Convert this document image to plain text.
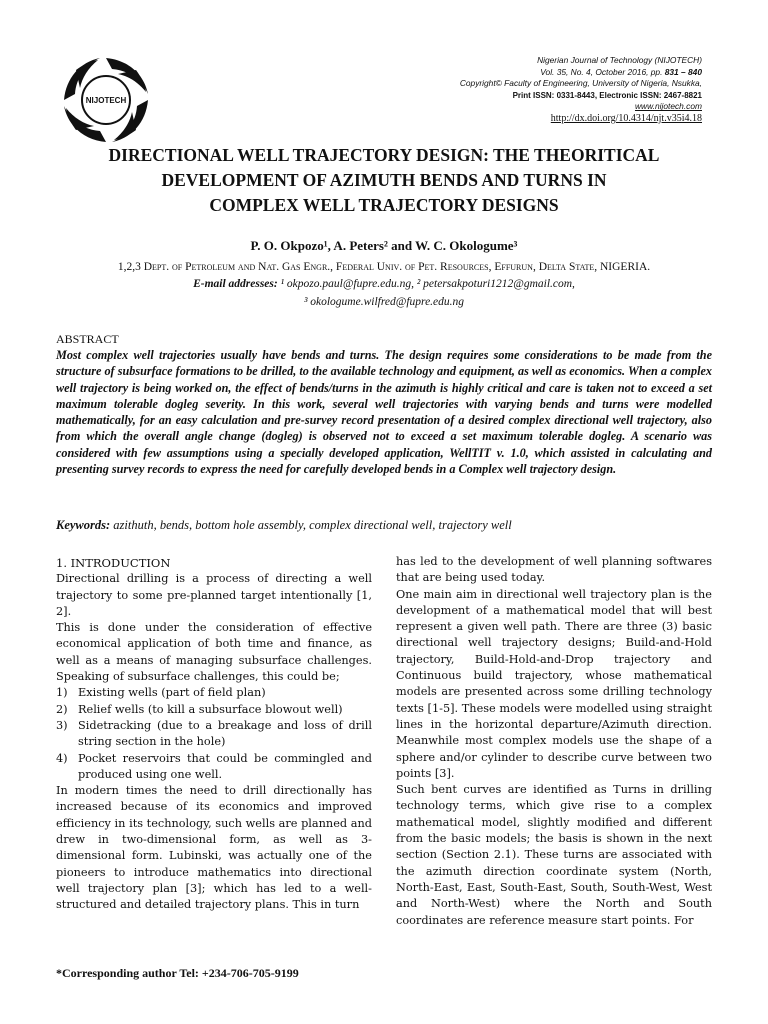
NIJOTECH
Nigerian Journal of Technology (NIJOTECH)
Vol. 35, No. 4, October 2016, pp. 831 – 840
Copyright© Faculty of Engineering, University of Nigeria, Nsukka,
Print ISSN: 0331-8443, Electronic ISSN: 2467-8821
www.nijotech.com
http://dx.doi.org/10.4314/njt.v35i4.18
DIRECTIONAL WELL TRAJECTORY DESIGN: THE THEORITICAL
DEVELOPMENT OF AZIMUTH BENDS AND TURNS IN
COMPLEX WELL TRAJECTORY DESIGNS
P. O. Okpozo¹, A. Peters² and W. C. Okologume³
1,2,3 Dept. of Petroleum and Nat. Gas Engr., Federal Univ. of Pet. Resources, Effurun, Delta State, NIGERIA.
E-mail addresses: ¹ okpozo.paul@fupre.edu.ng, ² petersakpoturi1212@gmail.com,
³ okologume.wilfred@fupre.edu.ng
ABSTRACT

Most complex well trajectories usually have bends and turns. The design requires some considerations to be made from the structure of subsurface formations to be drilled, to the available technology and equipment, as well as economics. When a complex well trajectory is being worked on, the effect of bends/turns in the azimuth is highly critical and care is taken not to exceed a set maximum tolerable dogleg severity. In this work, several well trajectories with varying bends and turns were modelled mathematically, for an easy calculation and pre-survey record presentation of a desired complex directional well trajectory, also from which the overall angle change (dogleg) is observed not to exceed a set maximum tolerable dogleg. A scenario was considered with few assumptions using a specially developed application, WellTIT v. 1.0, which assisted in calculating and presenting survey records to express the need for carefully developed bends in a Complex well trajectory design.

Keywords: azithuth, bends, bottom hole assembly, complex directional well, trajectory well

1. INTRODUCTION

Directional drilling is a process of directing a well trajectory to some pre-planned target intentionally [1, 2].

This is done under the consideration of effective economical application of both time and finance, as well as a means of managing subsurface challenges. Speaking of subsurface challenges, this could be;

1) Existing wells (part of field plan)
2) Relief wells (to kill a subsurface blowout well)
3) Sidetracking (due to a breakage and loss of drill string section in the hole)
4) Pocket reservoirs that could be commingled and produced using one well.

In modern times the need to drill directionally has increased because of its economics and improved efficiency in its technology, such wells are planned and drew in two-dimensional form, as well as 3-dimensional form. Lubinski, was actually one of the pioneers to introduce mathematics into directional well trajectory plan [3]; which has led to a well-structured and detailed trajectory plans. This in turn

has led to the development of well planning softwares that are being used today.

One main aim in directional well trajectory plan is the development of a mathematical model that will best represent a given well path. There are three (3) basic directional well trajectory designs; Build-and-Hold trajectory, Build-Hold-and-Drop trajectory and Continuous build trajectory, whose mathematical models are presented across some drilling technology texts [1-5]. These models were modelled using straight lines in the horizontal departure/Azimuth direction. Meanwhile most complex models use the shape of a sphere and/or cylinder to describe curve between two points [3].

Such bent curves are identified as Turns in drilling technology terms, which give rise to a complex mathematical model, slightly modified and different from the basic models; the basis is shown in the next section (Section 2.1). These turns are associated with the azimuth direction coordinate system (North, North-East, East, South-East, South, South-West, West and North-West) where the North and South coordinates are reference measure start points. For

*Corresponding author Tel: +234-706-705-9199
